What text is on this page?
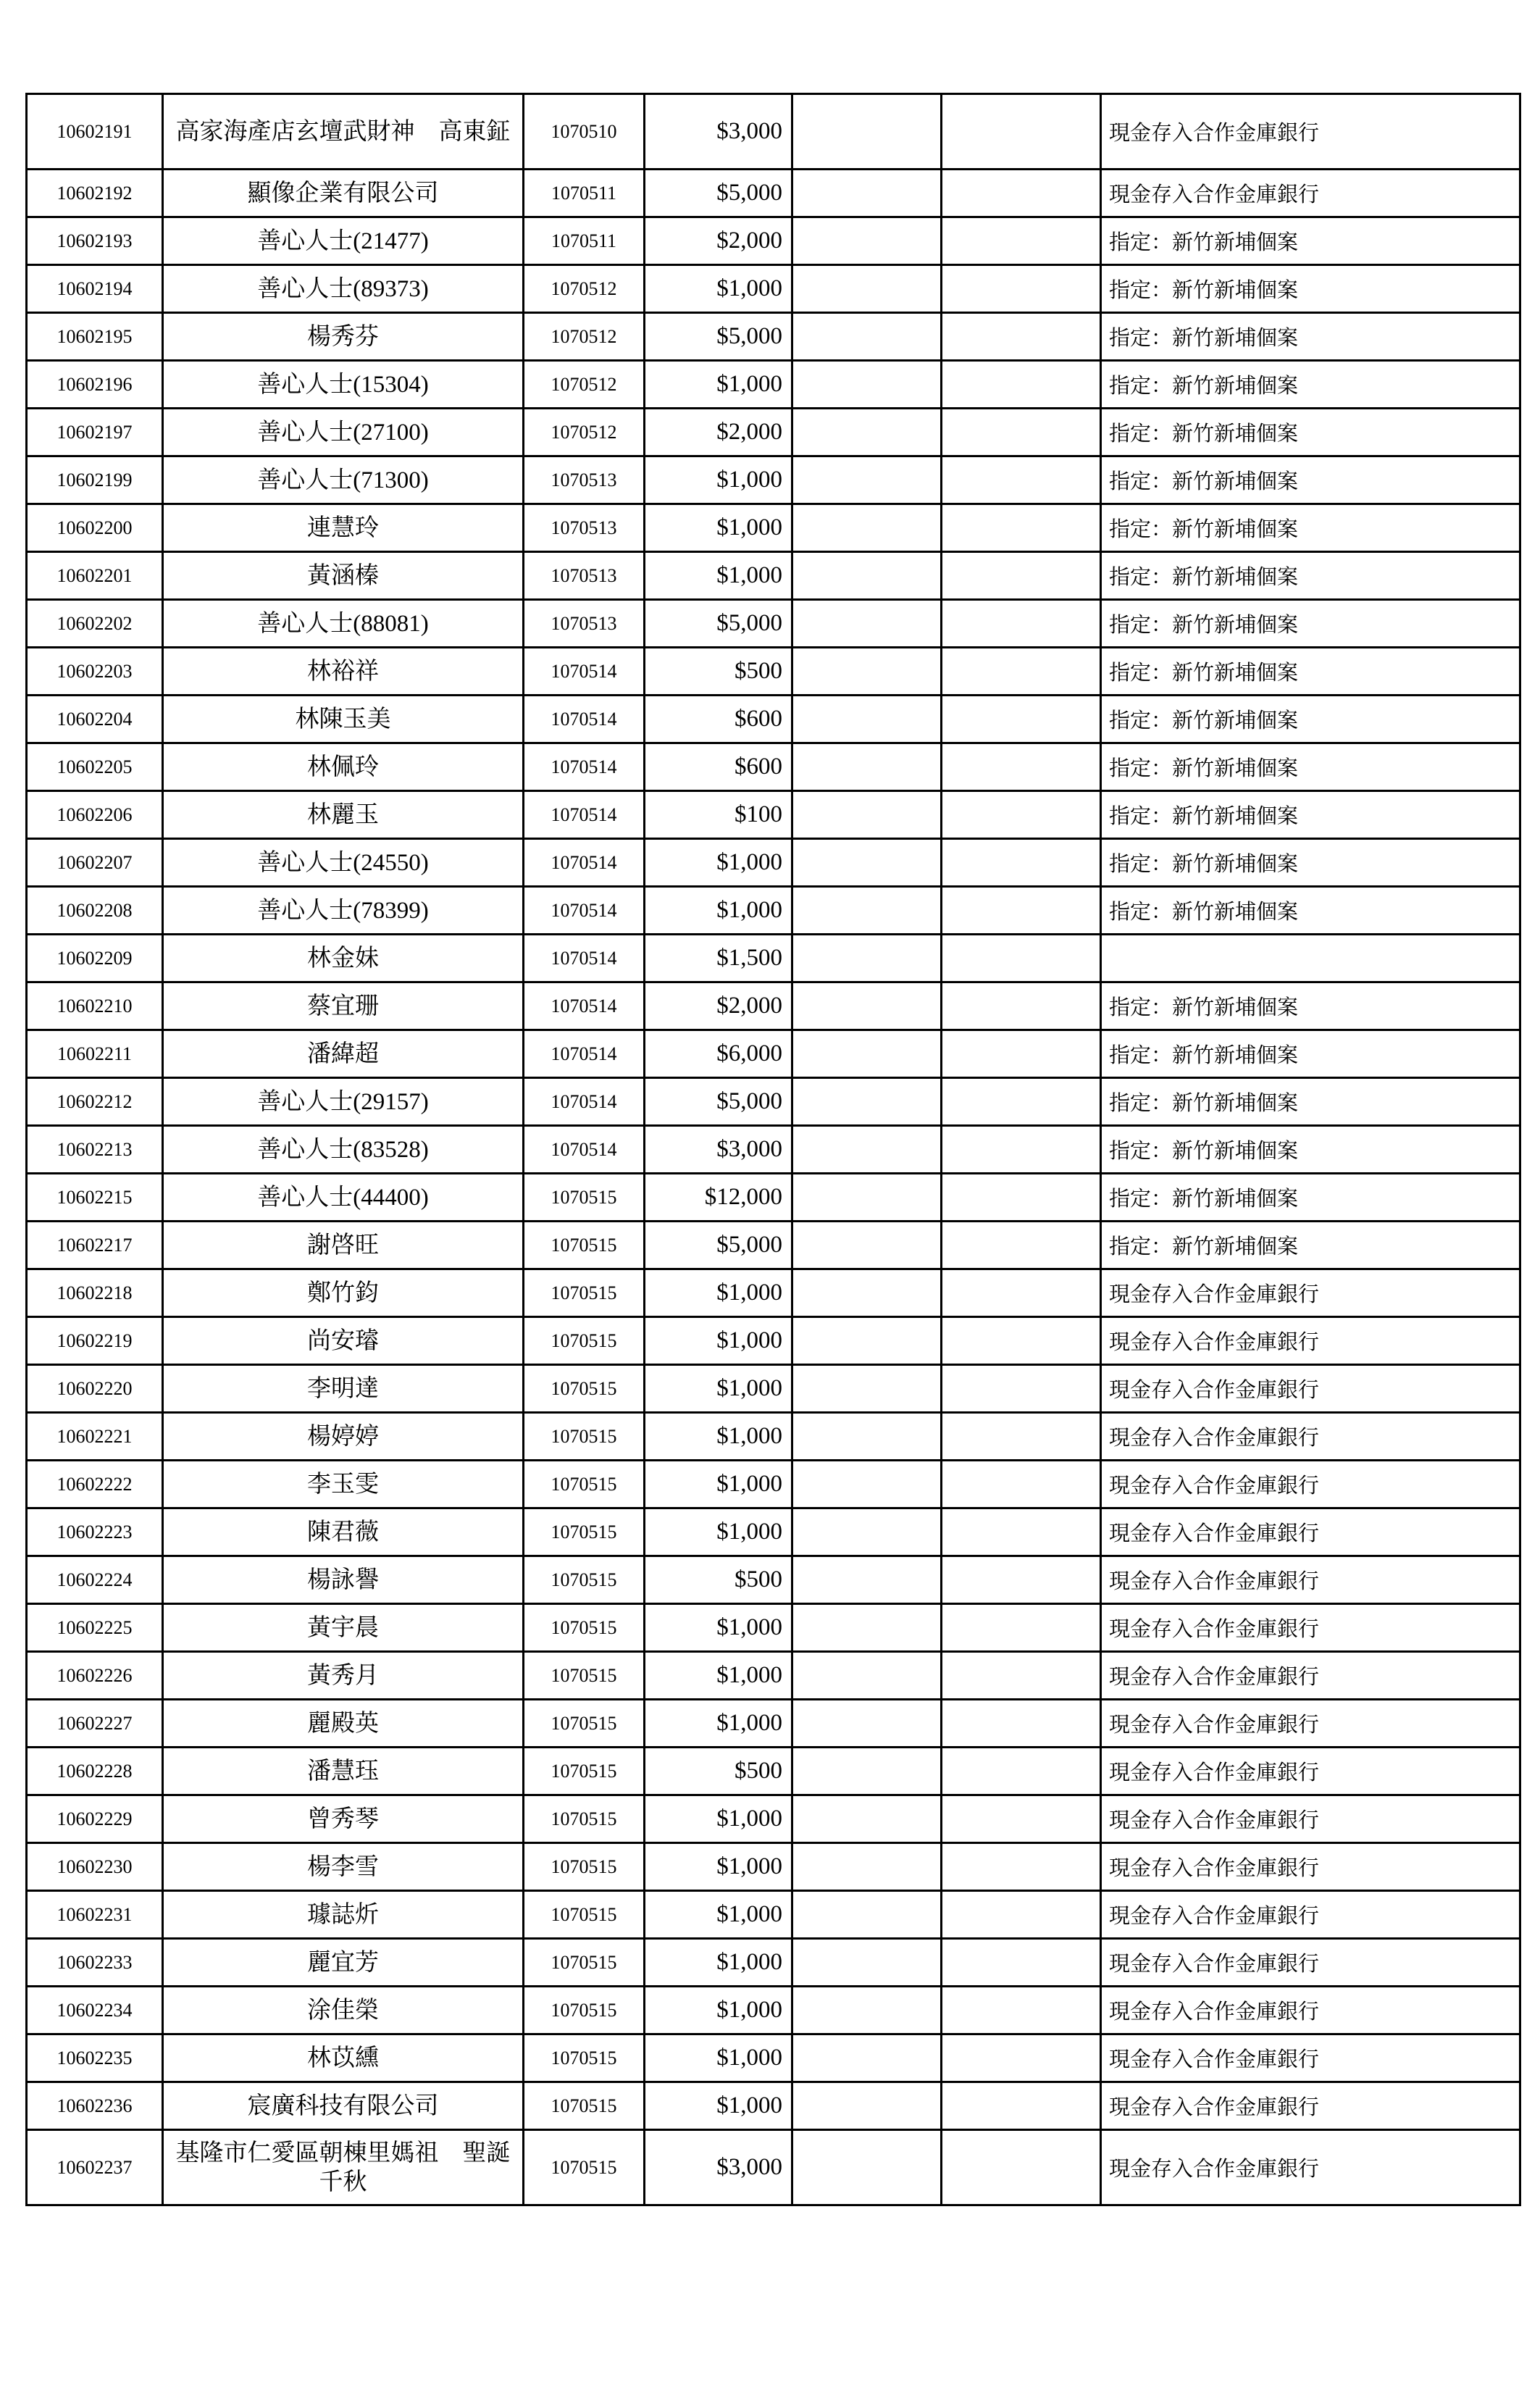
10602191	高家海產店玄壇武財神　高東鉦	1070510	$3,000			現金存入合作金庫銀行
10602192	顯像企業有限公司	1070511	$5,000			現金存入合作金庫銀行
10602193	善心人士(21477)	1070511	$2,000			指定：新竹新埔個案
10602194	善心人士(89373)	1070512	$1,000			指定：新竹新埔個案
10602195	楊秀芬	1070512	$5,000			指定：新竹新埔個案
10602196	善心人士(15304)	1070512	$1,000			指定：新竹新埔個案
10602197	善心人士(27100)	1070512	$2,000			指定：新竹新埔個案
10602199	善心人士(71300)	1070513	$1,000			指定：新竹新埔個案
10602200	連慧玲	1070513	$1,000			指定：新竹新埔個案
10602201	黃涵榛	1070513	$1,000			指定：新竹新埔個案
10602202	善心人士(88081)	1070513	$5,000			指定：新竹新埔個案
10602203	林裕祥	1070514	$500			指定：新竹新埔個案
10602204	林陳玉美	1070514	$600			指定：新竹新埔個案
10602205	林佩玲	1070514	$600			指定：新竹新埔個案
10602206	林麗玉	1070514	$100			指定：新竹新埔個案
10602207	善心人士(24550)	1070514	$1,000			指定：新竹新埔個案
10602208	善心人士(78399)	1070514	$1,000			指定：新竹新埔個案
10602209	林金妹	1070514	$1,500			
10602210	蔡宜珊	1070514	$2,000			指定：新竹新埔個案
10602211	潘緯超	1070514	$6,000			指定：新竹新埔個案
10602212	善心人士(29157)	1070514	$5,000			指定：新竹新埔個案
10602213	善心人士(83528)	1070514	$3,000			指定：新竹新埔個案
10602215	善心人士(44400)	1070515	$12,000			指定：新竹新埔個案
10602217	謝啓旺	1070515	$5,000			指定：新竹新埔個案
10602218	鄭竹鈞	1070515	$1,000			現金存入合作金庫銀行
10602219	尚安璿	1070515	$1,000			現金存入合作金庫銀行
10602220	李明達	1070515	$1,000			現金存入合作金庫銀行
10602221	楊婷婷	1070515	$1,000			現金存入合作金庫銀行
10602222	李玉雯	1070515	$1,000			現金存入合作金庫銀行
10602223	陳君薇	1070515	$1,000			現金存入合作金庫銀行
10602224	楊詠譽	1070515	$500			現金存入合作金庫銀行
10602225	黃宇晨	1070515	$1,000			現金存入合作金庫銀行
10602226	黃秀月	1070515	$1,000			現金存入合作金庫銀行
10602227	麗殿英	1070515	$1,000			現金存入合作金庫銀行
10602228	潘慧珏	1070515	$500			現金存入合作金庫銀行
10602229	曾秀琴	1070515	$1,000			現金存入合作金庫銀行
10602230	楊李雪	1070515	$1,000			現金存入合作金庫銀行
10602231	璩誌炘	1070515	$1,000			現金存入合作金庫銀行
10602233	麗宜芳	1070515	$1,000			現金存入合作金庫銀行
10602234	涂佳榮	1070515	$1,000			現金存入合作金庫銀行
10602235	林苡纁	1070515	$1,000			現金存入合作金庫銀行
10602236	宸廣科技有限公司	1070515	$1,000			現金存入合作金庫銀行
10602237	基隆市仁愛區朝棟里媽祖　聖誕千秋	1070515	$3,000			現金存入合作金庫銀行
